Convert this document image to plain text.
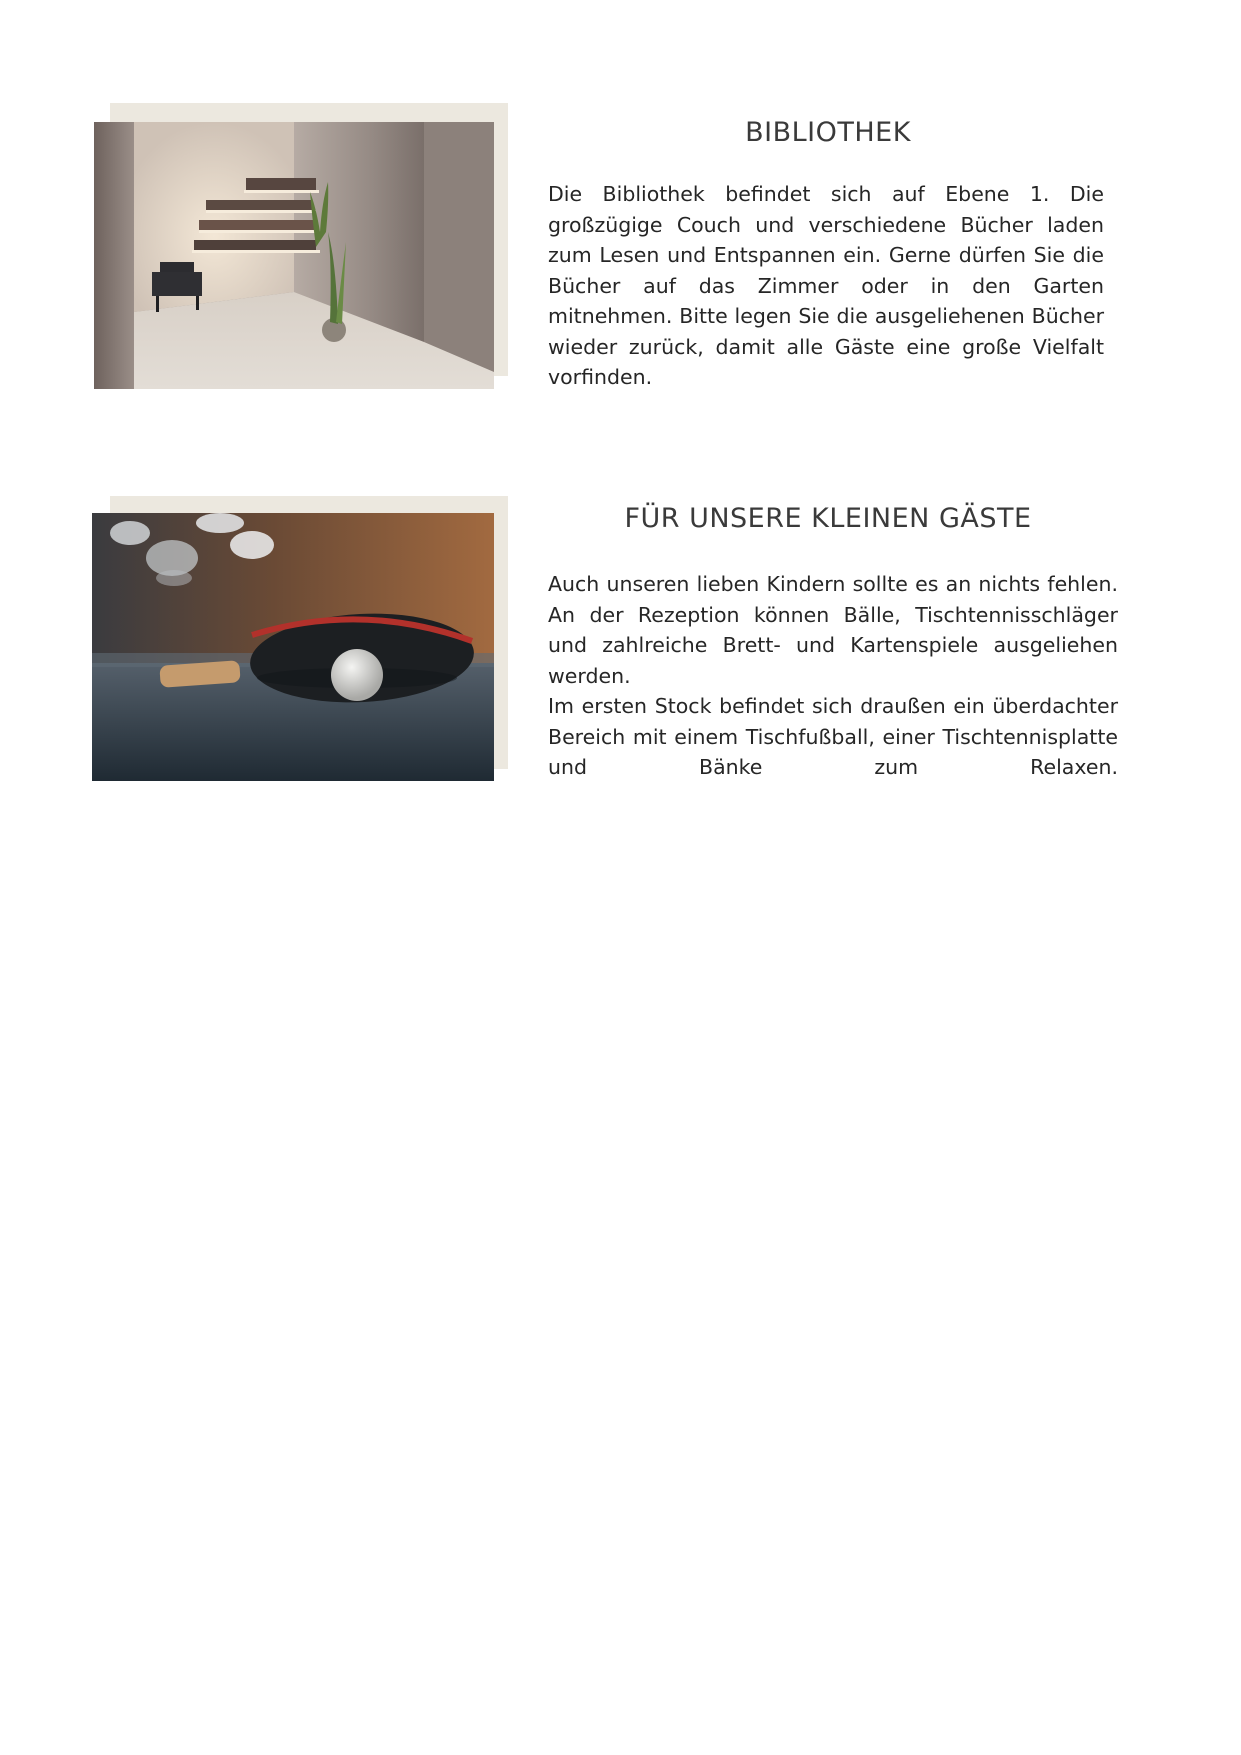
BIBLIOTHEK

Die Bibliothek befindet sich auf Ebene 1. Die großzügige Couch und verschiedene Bücher laden zum Lesen und Entspannen ein. Gerne dürfen Sie die Bücher auf das Zimmer oder in den Garten mitnehmen. Bitte legen Sie die ausgeliehenen Bücher wieder zurück, damit alle Gäste eine große Vielfalt vorfinden.

FÜR UNSERE KLEINEN GÄSTE

Auch unseren lieben Kindern sollte es an nichts fehlen. An der Rezeption können Bälle, Tischtennisschläger und zahlreiche Brett- und Kartenspiele ausgeliehen werden.

Im ersten Stock befindet sich draußen ein überdachter Bereich mit einem Tischfußball, einer Tischtennisplatte und Bänke zum Relaxen.
